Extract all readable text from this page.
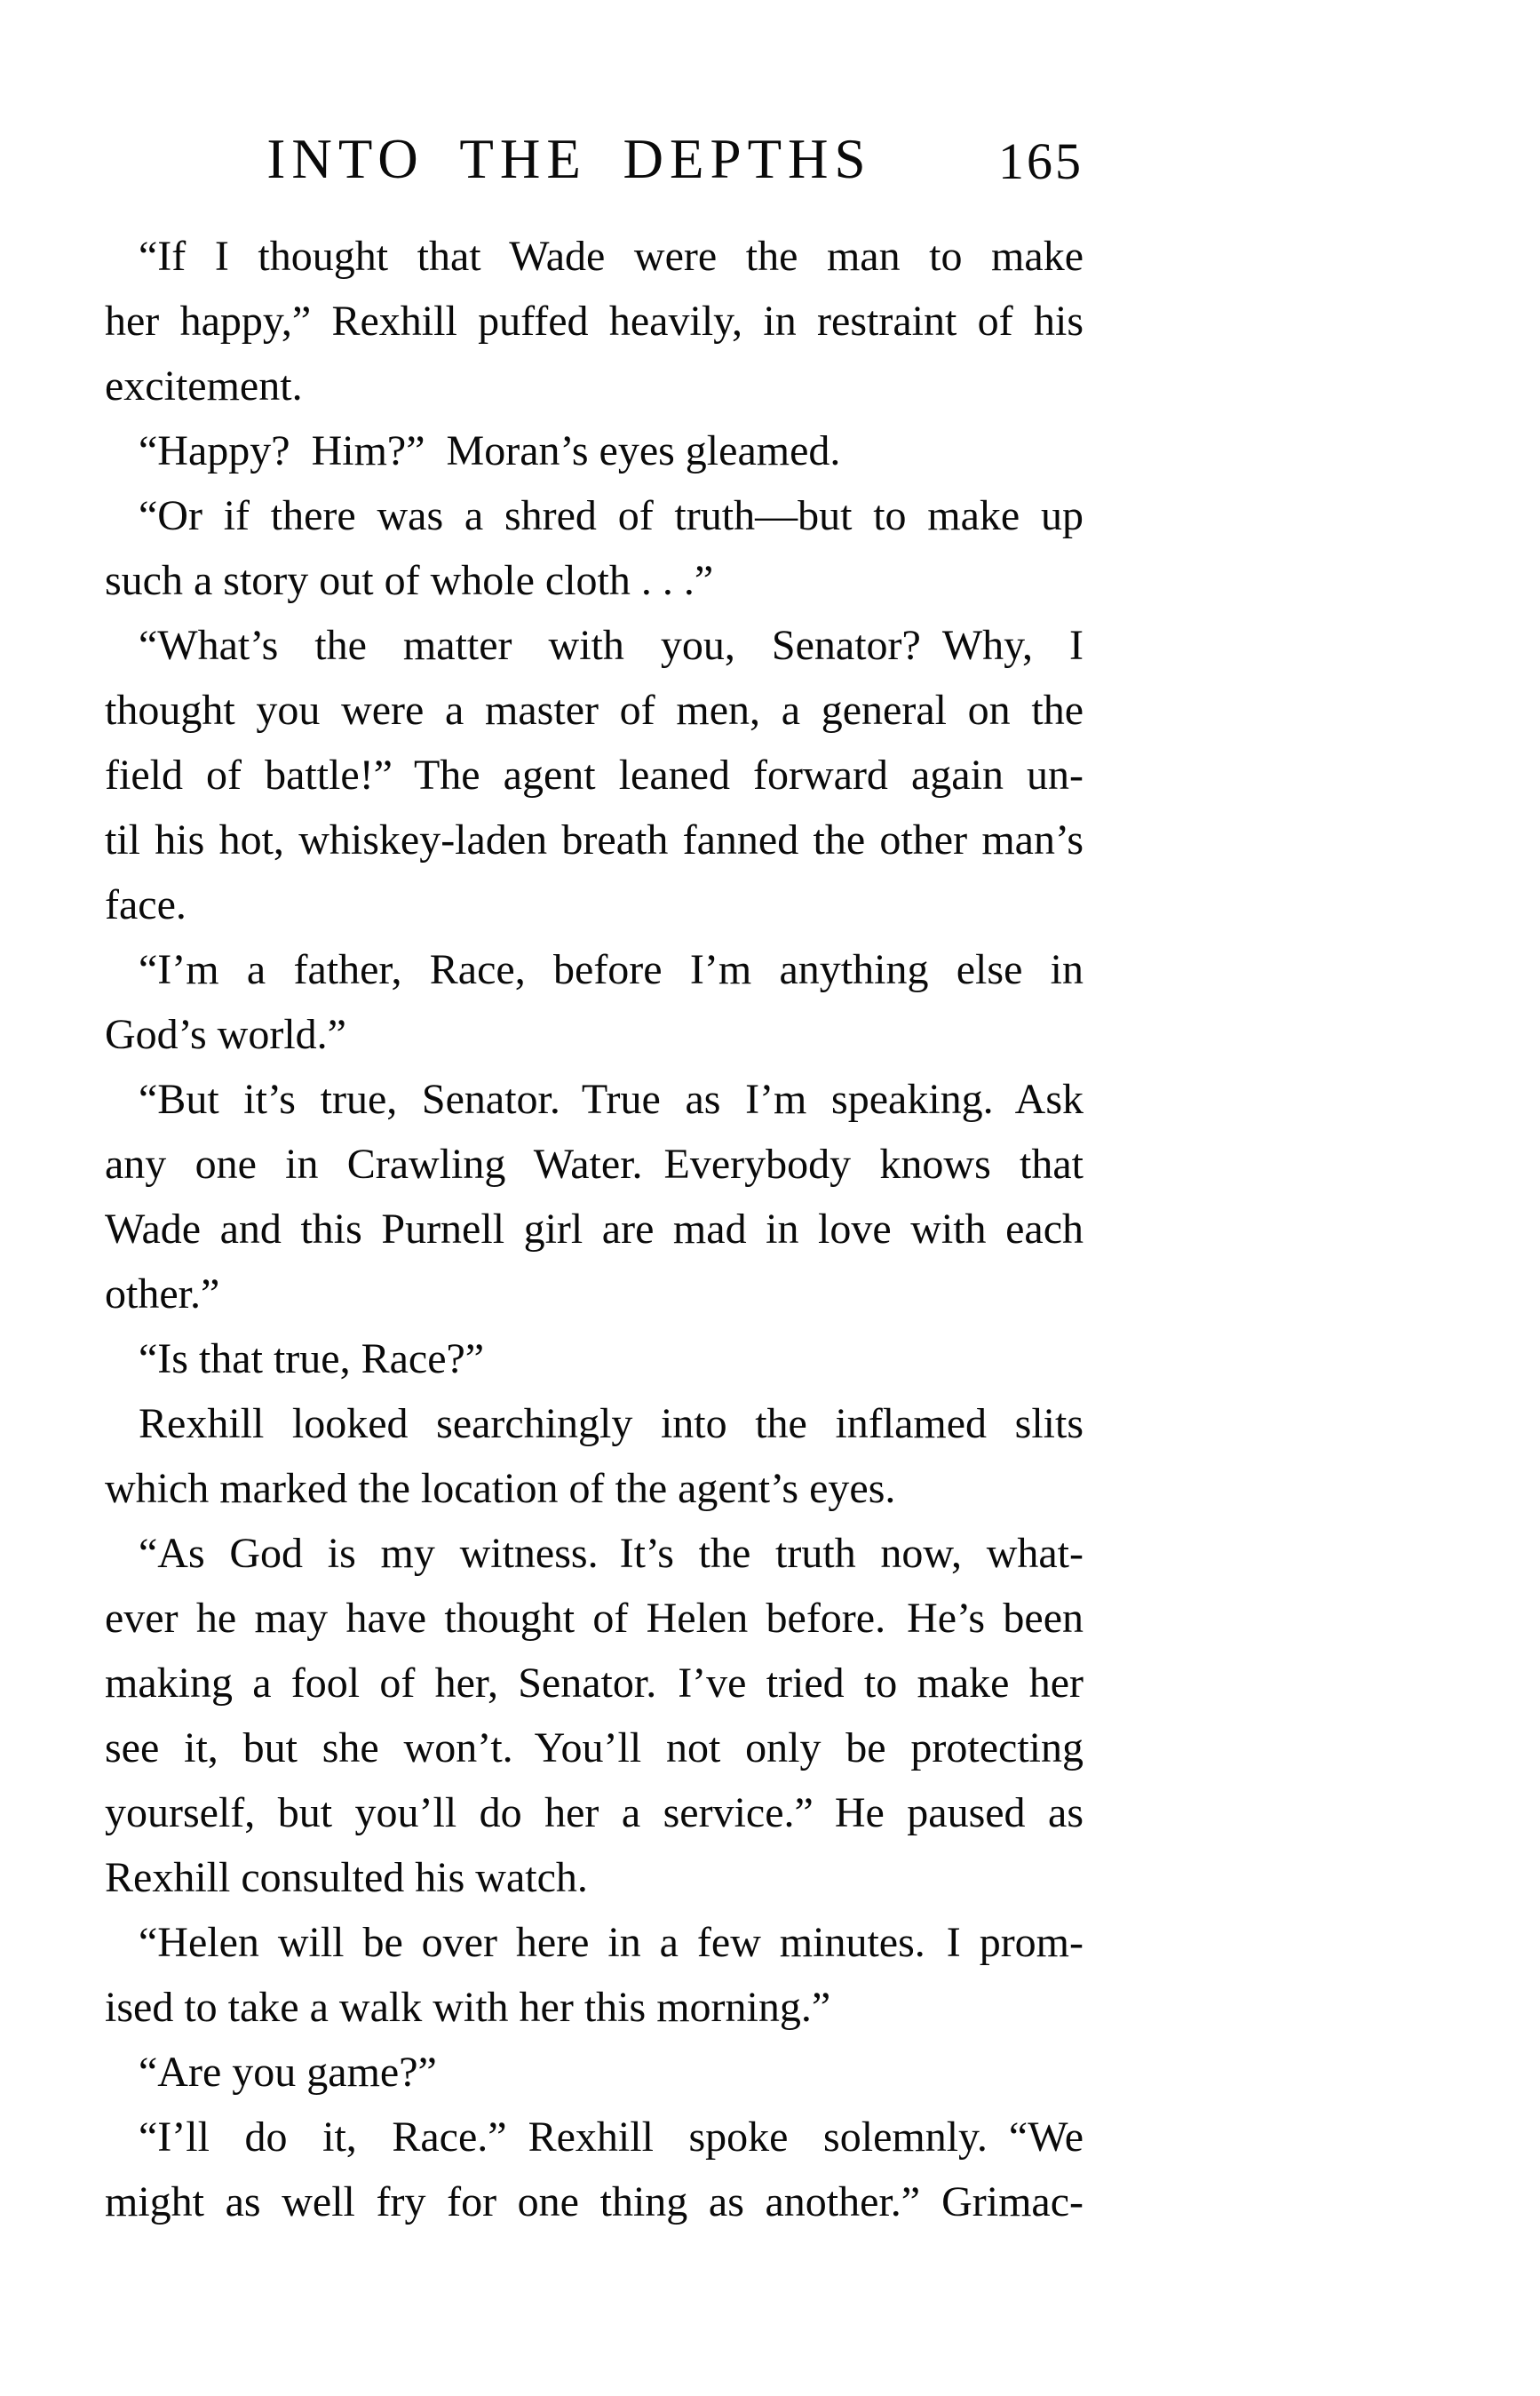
INTO THE DEPTHS	165
“If I thought that Wade were the man to make
her happy,” Rexhill puffed heavily, in restraint of his
excitement.
“Happy? Him?” Moran’s eyes gleamed.
“Or if there was a shred of truth—but to make up
such a story out of whole cloth . . .”
“What’s the matter with you, Senator? Why, I
thought you were a master of men, a general on the
field of battle!” The agent leaned forward again un-
til his hot, whiskey-laden breath fanned the other man’s
face.
“I’m a father, Race, before I’m anything else in
God’s world.”
“But it’s true, Senator. True as I’m speaking. Ask
any one in Crawling Water. Everybody knows that
Wade and this Purnell girl are mad in love with each
other.”
“Is that true, Race?”
Rexhill looked searchingly into the inflamed slits
which marked the location of the agent’s eyes.
“As God is my witness. It’s the truth now, what-
ever he may have thought of Helen before. He’s been
making a fool of her, Senator. I’ve tried to make her
see it, but she won’t. You’ll not only be protecting
yourself, but you’ll do her a service.” He paused as
Rexhill consulted his watch.
“Helen will be over here in a few minutes. I prom-
ised to take a walk with her this morning.”
“Are you game?”
“I’ll do it, Race.” Rexhill spoke solemnly. “We
might as well fry for one thing as another.” Grimac-
